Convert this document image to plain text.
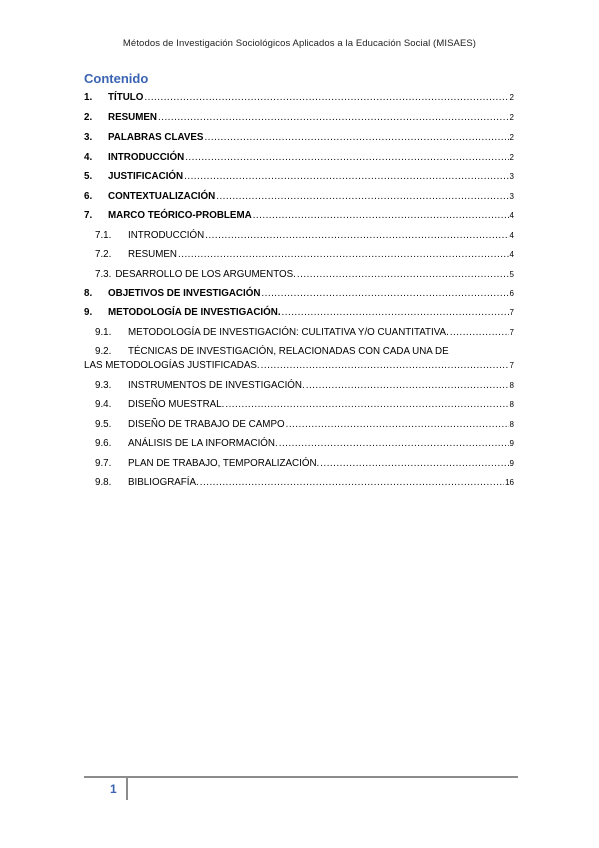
Métodos de Investigación Sociológicos Aplicados a la Educación Social (MISAES)
Contenido
1.	TÍTULO .....	2
2.	RESUMEN .....	2
3.	PALABRAS CLAVES .....	2
4.	INTRODUCCIÓN .....	2
5.	JUSTIFICACIÓN .....	3
6.	CONTEXTUALIZACIÓN .....	3
7.	MARCO TEÓRICO-PROBLEMA .....	4
7.1.	INTRODUCCIÓN .....	4
7.2.	RESUMEN .....	4
7.3. DESARROLLO DE LOS ARGUMENTOS. .....	5
8.	OBJETIVOS DE INVESTIGACIÓN .....	6
9.	METODOLOGÍA DE INVESTIGACIÓN. .....	7
9.1.	METODOLOGÍA DE INVESTIGACIÓN: CULITATIVA Y/O CUANTITATIVA. .....	7
9.2.	TÉCNICAS DE INVESTIGACIÓN, RELACIONADAS CON CADA UNA DE
LAS METODOLOGÍAS JUSTIFICADAS. .....	7
9.3.	INSTRUMENTOS DE INVESTIGACIÓN. .....	8
9.4.	DISEÑO MUESTRAL. .....	8
9.5.	DISEÑO DE TRABAJO DE CAMPO .....	8
9.6.	ANÁLISIS DE LA INFORMACIÓN. .....	9
9.7.	PLAN DE TRABAJO, TEMPORALIZACIÓN. .....	9
9.8.	BIBLIOGRAFÍA. .....	16
1
